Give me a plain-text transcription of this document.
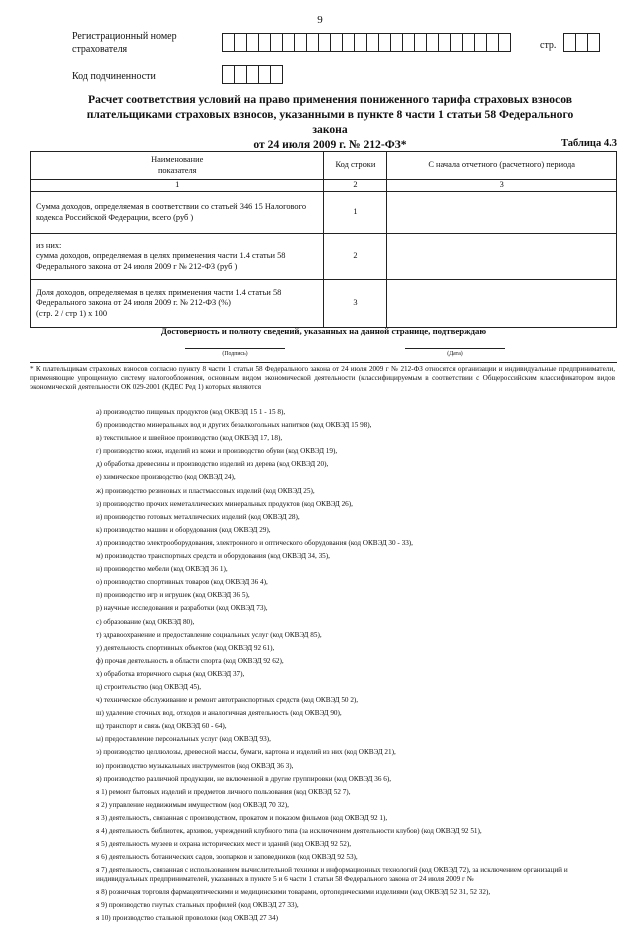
9
Регистрационный номер
страхователя	стр.
Код подчиненности
Расчет соответствия условий на право применения пониженного тарифа страховых взносов
плательщиками страховых взносов, указанными в пункте 8 части 1 статьи 58 Федерального закона
от 24 июля 2009 г. № 212-ФЗ*	Таблица 4.3
Наименование
показателя	Код строки	С начала отчетного (расчетного) периода
1	2	3
Сумма доходов, определяемая в соответствии со статьей 346 15 Налогового кодекса Российской Федерации, всего (руб )	1	

из них:
сумма доходов, определяемая в целях применения части 1.4 статьи 58 Федерального закона от 24 июля 2009 г № 212-ФЗ (руб )	2	

Доля доходов, определяемая в целях применения части 1.4 статьи 58 Федерального закона от 24 июля 2009 г. № 212-ФЗ (%)
(стр. 2 / стр 1) х 100	3	
Достоверность и полноту сведений, указанных на данной странице, подтверждаю
(Подпись)	(Дата)
* К плательщикам страховых взносов согласно пункту 8 части 1 статьи 58 Федерального закона от 24 июля 2009 г № 212-ФЗ относятся организации и индивидуальные предприниматели, применяющие упрощенную систему налогообложения, основным видом экономической деятельности (классифицируемым в соответствии с Общероссийским классификатором видов экономической деятельности ОК 029-2001 (КДЕС Ред 1) которых являются
а) производство пищевых продуктов (код ОКВЭД 15 1 - 15 8),
б) производство минеральных вод и других безалкогольных напитков (код ОКВЭД 15 98),
в) текстильное и швейное производство (код ОКВЭД 17, 18),
г) производство кожи, изделий из кожи и производство обуви (код ОКВЭД 19),
д) обработка древесины и производство изделий из дерева (код ОКВЭД 20),
е) химическое производство (код ОКВЭД 24),
ж) производство резиновых и пластмассовых изделий (код ОКВЭД 25),
з) производство прочих неметаллических минеральных продуктов (код ОКВЭД 26),
и) производство готовых металлических изделий (код ОКВЭД 28),
к) производство машин и оборудования (код ОКВЭД 29),
л) производство электрооборудования, электронного и оптического оборудования (код ОКВЭД 30 - 33),
м) производство транспортных средств и оборудования (код ОКВЭД 34, 35),
н) производство мебели (код ОКВЭД 36 1),
о) производство спортивных товаров (код ОКВЭД 36 4),
п) производство игр и игрушек (код ОКВЭД 36 5),
р) научные исследования и разработки (код ОКВЭД 73),
с) образование (код ОКВЭД 80),
т) здравоохранение и предоставление социальных услуг (код ОКВЭД 85),
у) деятельность спортивных объектов (код ОКВЭД 92 61),
ф) прочая деятельность в области спорта (код ОКВЭД 92 62),
х) обработка вторичного сырья (код ОКВЭД 37),
ц) строительство (код ОКВЭД 45),
ч) техническое обслуживание и ремонт автотранспортных средств (код ОКВЭД 50 2),
ш) удаление сточных вод, отходов и аналогичная деятельность (код ОКВЭД 90),
щ) транспорт и связь (код ОКВЭД 60 - 64),
ы) предоставление персональных услуг (код ОКВЭД 93),
э) производство целлюлозы, древесной массы, бумаги, картона и изделий из них (код ОКВЭД 21),
ю) производство музыкальных инструментов (код ОКВЭД 36 3),
я) производство различной продукции, не включенной в другие группировки (код ОКВЭД 36 6),
я 1) ремонт бытовых изделий и предметов личного пользования (код ОКВЭД 52 7),
я 2) управление недвижимым имуществом (код ОКВЭД 70 32),
я 3) деятельность, связанная с производством, прокатом и показом фильмов (код ОКВЭД 92 1),
я 4) деятельность библиотек, архивов, учреждений клубного типа (за исключением деятельности клубов) (код ОКВЭД 92 51),
я 5) деятельность музеев и охрана исторических мест и зданий (код ОКВЭД 92 52),
я 6) деятельность ботанических садов, зоопарков и заповедников (код ОКВЭД 92 53),
я 7) деятельность, связанная с использованием вычислительной техники и информационных технологий (код ОКВЭД 72), за исключением организаций и индивидуальных предпринимателей, указанных в пункте 5 и 6 части 1 статьи 58 Федерального закона от 24 июля 2009 г №
я 8) розничная торговля фармацевтическими и медицинскими товарами, ортопедическими изделиями (код ОКВЭД 52 31, 52 32),
я 9) производство гнутых стальных профилей (код ОКВЭД 27 33),
я 10) производство стальной проволоки (код ОКВЭД 27 34)
